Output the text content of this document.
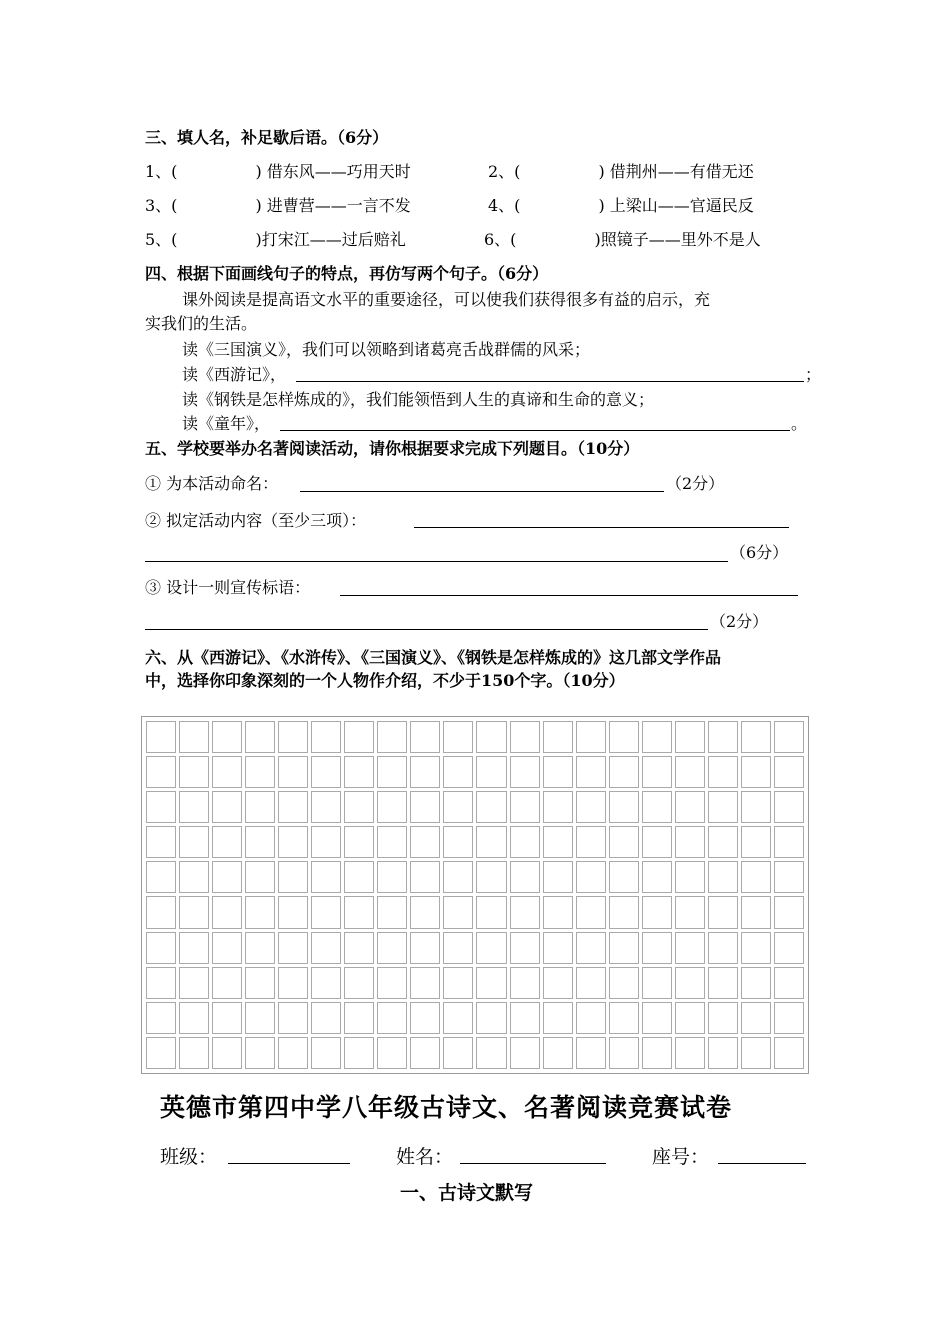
三、填人名，补足歇后语。（6分）
1、(	) 借东风——巧用天时	2、(	) 借荆州——有借无还
3、(	) 进曹营——一言不发	4、(	) 上梁山——官逼民反
5、(	)打宋江——过后赔礼	6、(	)照镜子——里外不是人
四、根据下面画线句子的特点，再仿写两个句子。（6分）
课外阅读是提高语文水平的重要途径，可以使我们获得很多有益的启示，充
实我们的生活。
读《三国演义》，我们可以领略到诸葛亮舌战群儒的风采；
读《西游记》，	；
读《钢铁是怎样炼成的》，我们能领悟到人生的真谛和生命的意义；
读《童年》，	。
五、学校要举办名著阅读活动，请你根据要求完成下列题目。（10分）
① 为本活动命名：	（2分）
② 拟定活动内容（至少三项）：
（6分）
③ 设计一则宣传标语：
（2分）
六、从《西游记》、《水浒传》、《三国演义》、《钢铁是怎样炼成的》这几部文学作品
中，选择你印象深刻的一个人物作介绍，不少于150个字。（10分）
英德市第四中学八年级古诗文、名著阅读竞赛试卷
班级：	姓名：	座号：
一、古诗文默写
